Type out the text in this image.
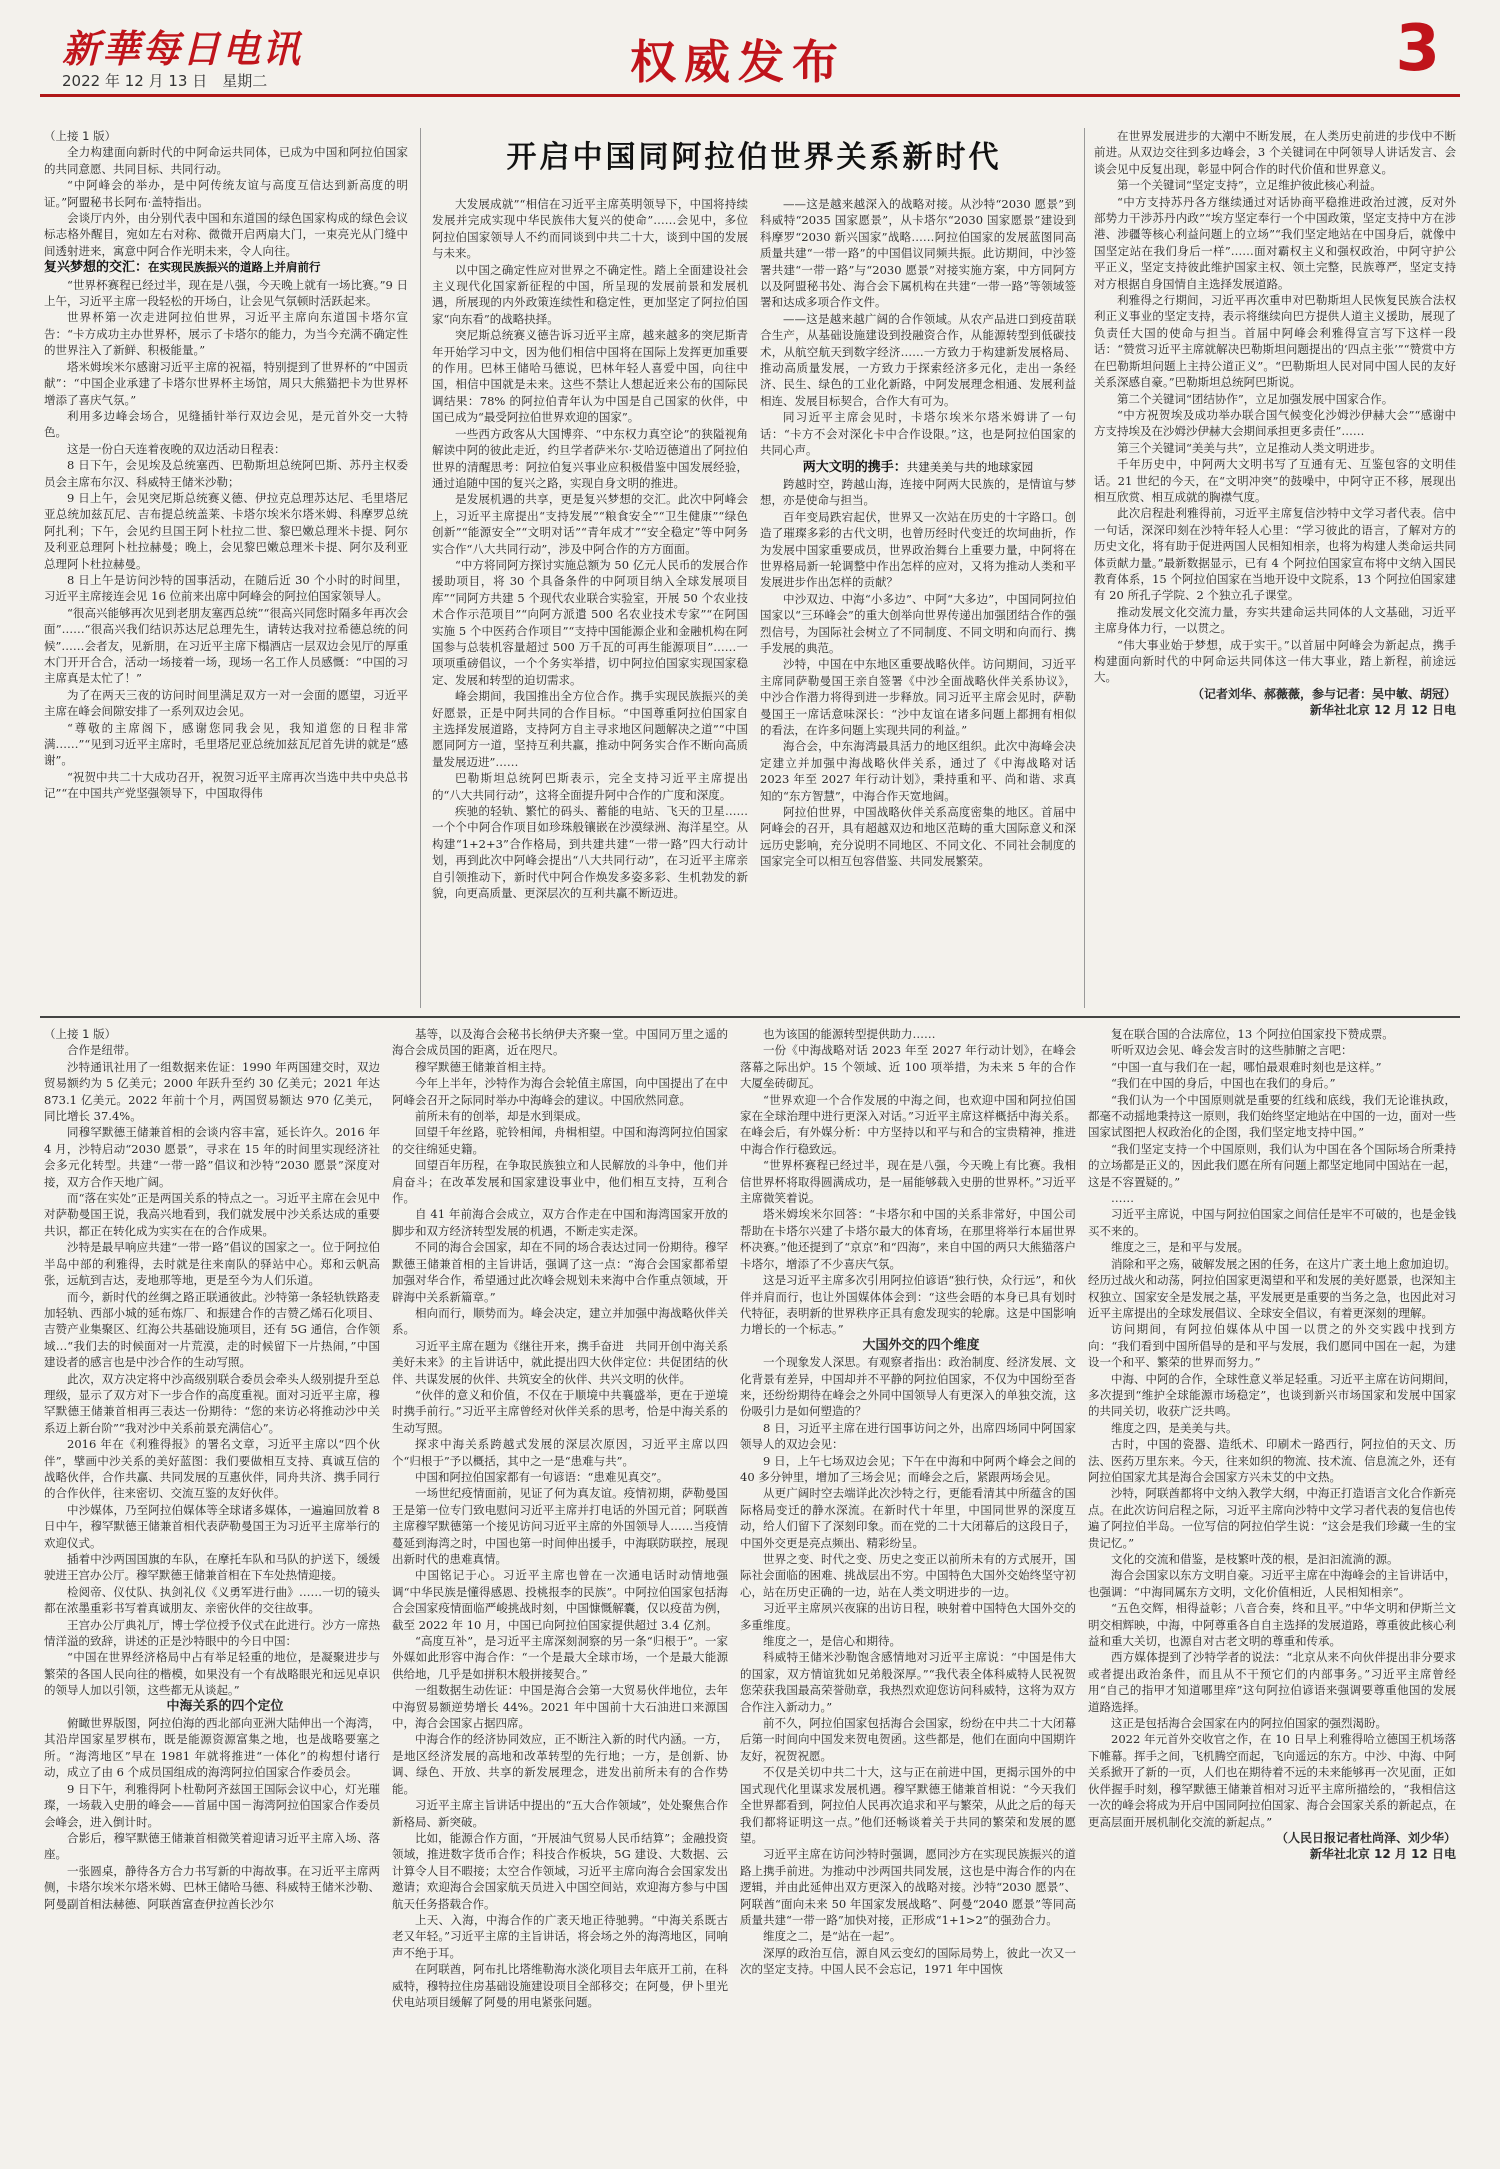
新華每日电讯
2022 年 12 月 13 日　星期二	权威发布	3
开启中国同阿拉伯世界关系新时代

（上接 1 版）

全力构建面向新时代的中阿命运共同体，已成为中国和阿拉伯国家的共同意愿、共同目标、共同行动。

“中阿峰会的举办，是中阿传统友谊与高度互信达到新高度的明证。”阿盟秘书长阿布·盖特指出。

会谈厅内外，由分别代表中国和东道国的绿色国家构成的绿色会议标志格外醒目，宛如左右对称、微微开启两扇大门，一束亮光从门缝中间透射进来，寓意中阿合作光明未来，令人向往。

复兴梦想的交汇：在实现民族振兴的道路上并肩前行

“世界杯赛程已经过半，现在是八强，今天晚上就有一场比赛。”9 日上午，习近平主席一段轻松的开场白，让会见气氛顿时活跃起来。

世界杯第一次走进阿拉伯世界，习近平主席向东道国卡塔尔宣告：“卡方成功主办世界杯，展示了卡塔尔的能力，为当今充满不确定性的世界注入了新鲜、积极能量。”

塔米姆埃米尔感谢习近平主席的祝福，特别提到了世界杯的“中国贡献”：“中国企业承建了卡塔尔世界杯主场馆，周只大熊猫把卡为世界杯增添了喜庆气氛。”

利用多边峰会场合，见缝插针举行双边会见，是元首外交一大特色。

这是一份白天连着夜晚的双边活动日程表：

8 日下午，会见埃及总统塞西、巴勒斯坦总统阿巴斯、苏丹主权委员会主席布尔汉、科威特王储米沙勒；

9 日上午，会见突尼斯总统赛义德、伊拉克总理苏达尼、毛里塔尼亚总统加兹瓦尼、吉布提总统盖莱、卡塔尔埃米尔塔米姆、科摩罗总统阿扎利；下午，会见约旦国王阿卜杜拉二世、黎巴嫩总理米卡提、阿尔及利亚总理阿卜杜拉赫曼；晚上，会见黎巴嫩总理米卡提、阿尔及利亚总理阿卜杜拉赫曼。

8 日上午是访问沙特的国事活动，在随后近 30 个小时的时间里，习近平主席接连会见 16 位前来出席中阿峰会的阿拉伯国家领导人。

“很高兴能够再次见到老朋友塞西总统”“很高兴同您时隔多年再次会面”……“很高兴我们结识苏达尼总理先生，请转达我对拉希德总统的问候”……会者友，见新朋，在习近平主席下榻酒店一层双边会见厅的厚重木门开开合合，活动一场接着一场，现场一名工作人员感慨：“中国的习主席真是太忙了！”

为了在两天三夜的访问时间里满足双方一对一会面的愿望，习近平主席在峰会间隙安排了一系列双边会见。

“尊敬的主席阁下，感谢您同我会见，我知道您的日程非常满……”“见到习近平主席时，毛里塔尼亚总统加兹瓦尼首先讲的就是“感谢”。

“祝贺中共二十大成功召开，祝贺习近平主席再次当选中共中央总书记”“在中国共产党坚强领导下，中国取得伟

大发展成就”“相信在习近平主席英明领导下，中国将持续发展并完成实现中华民族伟大复兴的使命”……会见中，多位阿拉伯国家领导人不约而同谈到中共二十大，谈到中国的发展与未来。

以中国之确定性应对世界之不确定性。踏上全面建设社会主义现代化国家新征程的中国，所呈现的发展前景和发展机遇，所展现的内外政策连续性和稳定性，更加坚定了阿拉伯国家“向东看”的战略抉择。

突尼斯总统赛义德告诉习近平主席，越来越多的突尼斯青年开始学习中文，因为他们相信中国将在国际上发挥更加重要的作用。巴林王储哈马德说，巴林年轻人喜爱中国，向往中国，相信中国就是未来。这些不禁让人想起近来公布的国际民调结果：78% 的阿拉伯青年认为中国是自己国家的伙伴，中国已成为“最受阿拉伯世界欢迎的国家”。

一些西方政客从大国博弈、“中东权力真空论”的狭隘视角解读中阿的彼此走近，约旦学者萨米尔·艾哈迈德道出了阿拉伯世界的清醒思考：阿拉伯复兴事业应积极借鉴中国发展经验，通过追随中国的复兴之路，实现自身文明的推进。

是发展机遇的共享，更是复兴梦想的交汇。此次中阿峰会上，习近平主席提出“支持发展”“粮食安全”“卫生健康”“绿色创新”“能源安全”“文明对话”“青年成才”“安全稳定”等中阿务实合作“八大共同行动”，涉及中阿合作的方方面面。

“中方将同阿方探讨实施总额为 50 亿元人民币的发展合作援助项目，将 30 个具备条件的中阿项目纳入全球发展项目库”“同阿方共建 5 个现代农业联合实验室，开展 50 个农业技术合作示范项目”“向阿方派遣 500 名农业技术专家”“在阿国实施 5 个中医药合作项目”“支持中国能源企业和金融机构在阿国参与总装机容量超过 500 万千瓦的可再生能源项目”……一项项重磅倡议，一个个务实举措，切中阿拉伯国家实现国家稳定、发展和转型的迫切需求。

峰会期间，我国推出全方位合作。携手实现民族振兴的美好愿景，正是中阿共同的合作目标。“中国尊重阿拉伯国家自主选择发展道路，支持阿方自主寻求地区问题解决之道”“中国愿同阿方一道，坚持互利共赢，推动中阿务实合作不断向高质量发展迈进”……

巴勒斯坦总统阿巴斯表示，完全支持习近平主席提出的“八大共同行动”，这将全面提升阿中合作的广度和深度。

疾驰的轻轨、繁忙的码头、蓄能的电站、飞天的卫星……一个个中阿合作项目如珍珠般镶嵌在沙漠绿洲、海洋星空。从构建“1+2+3”合作格局，到共建共建“一带一路”四大行动计划，再到此次中阿峰会提出“八大共同行动”，在习近平主席亲自引领推动下，新时代中阿合作焕发多姿多彩、生机勃发的新貌，向更高质量、更深层次的互利共赢不断迈进。

——这是越来越深入的战略对接。从沙特“2030 愿景”到科威特“2035 国家愿景”，从卡塔尔“2030 国家愿景”建设到科摩罗“2030 新兴国家”战略……阿拉伯国家的发展蓝图同高质量共建“一带一路”的中国倡议同频共振。此访期间，中沙签署共建“一带一路”与“2030 愿景”对接实施方案，中方同阿方以及阿盟秘书处、海合会下属机构在共建“一带一路”等领域签署和达成多项合作文件。

——这是越来越广阔的合作领域。从农产品进口到疫苗联合生产，从基础设施建设到投融资合作，从能源转型到低碳技术，从航空航天到数字经济……一方致力于构建新发展格局、推动高质量发展，一方致力于探索经济多元化，走出一条经济、民生、绿色的工业化新路，中阿发展理念相通、发展利益相连、发展目标契合，合作大有可为。

同习近平主席会见时，卡塔尔埃米尔塔米姆讲了一句话：“卡方不会对深化卡中合作设限。”这，也是阿拉伯国家的共同心声。

两大文明的携手：共建美美与共的地球家园

跨越时空，跨越山海，连接中阿两大民族的，是情谊与梦想，亦是使命与担当。

百年变局跌宕起伏，世界又一次站在历史的十字路口。创造了璀璨多彩的古代文明，也曾历经时代变迁的坎坷曲折，作为发展中国家重要成员，世界政治舞台上重要力量，中阿将在世界格局新一轮调整中作出怎样的应对，又将为推动人类和平发展进步作出怎样的贡献？

中沙双边、中海“小多边”、中阿“大多边”，中国同阿拉伯国家以“三环峰会”的重大创举向世界传递出加强团结合作的强烈信号，为国际社会树立了不同制度、不同文明和向而行、携手发展的典范。

沙特，中国在中东地区重要战略伙伴。访问期间，习近平主席同萨勒曼国王亲自签署《中沙全面战略伙伴关系协议》，中沙合作潜力将得到进一步释放。同习近平主席会见时，萨勒曼国王一席话意味深长：“沙中友谊在诸多问题上都拥有相似的看法，在许多问题上实现共同的利益。”

海合会，中东海湾最具活力的地区组织。此次中海峰会决定建立并加强中海战略伙伴关系，通过了《中海战略对话 2023 年至 2027 年行动计划》，秉持重和平、尚和谐、求真知的“东方智慧”，中海合作天宽地阔。

阿拉伯世界，中国战略伙伴关系高度密集的地区。首届中阿峰会的召开，具有超越双边和地区范畴的重大国际意义和深远历史影响，充分说明不同地区、不同文化、不同社会制度的国家完全可以相互包容借鉴、共同发展繁荣。

在世界发展进步的大潮中不断发展，在人类历史前进的步伐中不断前进。从双边交往到多边峰会，3 个关键词在中阿领导人讲话发言、会谈会见中反复出现，彰显中阿合作的时代价值和世界意义。

第一个关键词“坚定支持”，立足维护彼此核心利益。

“中方支持苏丹各方继续通过对话协商平稳推进政治过渡，反对外部势力干涉苏丹内政”“埃方坚定奉行一个中国政策，坚定支持中方在涉港、涉疆等核心利益问题上的立场”“我们坚定地站在中国身后，就像中国坚定站在我们身后一样”……面对霸权主义和强权政治，中阿守护公平正义，坚定支持彼此维护国家主权、领土完整，民族尊严，坚定支持对方根据自身国情自主选择发展道路。

利雅得之行期间，习近平再次重申对巴勒斯坦人民恢复民族合法权利正义事业的坚定支持，表示将继续向巴方提供人道主义援助，展现了负责任大国的使命与担当。首届中阿峰会利雅得宣言写下这样一段话：“赞赏习近平主席就解决巴勒斯坦问题提出的‘四点主张’”“赞赏中方在巴勒斯坦问题上主持公道正义”。“巴勒斯坦人民对同中国人民的友好关系深感自豪。”巴勒斯坦总统阿巴斯说。

第二个关键词“团结协作”，立足加强发展中国家合作。

“中方祝贺埃及成功举办联合国气候变化沙姆沙伊赫大会”“感谢中方支持埃及在沙姆沙伊赫大会期间承担更多责任”……

第三个关键词“美美与共”，立足推动人类文明进步。

千年历史中，中阿两大文明书写了互通有无、互鉴包容的文明佳话。21 世纪的今天，在“文明冲突”的鼓噪中，中阿守正不移，展现出相互欣赏、相互成就的胸襟气度。

此次启程赴利雅得前，习近平主席复信沙特中文学习者代表。信中一句话，深深印刻在沙特年轻人心里：“学习彼此的语言，了解对方的历史文化，将有助于促进两国人民相知相亲，也将为构建人类命运共同体贡献力量。”最新数据显示，已有 4 个阿拉伯国家宣布将中文纳入国民教育体系，15 个阿拉伯国家在当地开设中文院系，13 个阿拉伯国家建有 20 所孔子学院、2 个独立孔子课堂。

推动发展文化交流力量，夯实共建命运共同体的人文基础，习近平主席身体力行，一以贯之。

“伟大事业始于梦想，成于实干。”以首届中阿峰会为新起点，携手构建面向新时代的中阿命运共同体这一伟大事业，踏上新程，前途远大。

（记者刘华、郝薇薇，参与记者：吴中敏、胡冠）

新华社北京 12 月 12 日电

（上接 1 版）

合作是纽带。

沙特通讯社用了一组数据来佐证：1990 年两国建交时，双边贸易额约为 5 亿美元；2000 年跃升至约 30 亿美元；2021 年达 873.1 亿美元。2022 年前十个月，两国贸易额达 970 亿美元，同比增长 37.4%。

同穆罕默德王储兼首相的会谈内容丰富，延长许久。2016 年 4 月，沙特启动“2030 愿景”，寻求在 15 年的时间里实现经济社会多元化转型。共建“一带一路”倡议和沙特“2030 愿景”深度对接，双方合作天地广阔。

而“落在实处”正是两国关系的特点之一。习近平主席在会见中对萨勒曼国王说，我高兴地看到，我们就发展中沙关系达成的重要共识，都正在转化成为实实在在的合作成果。

沙特是最早响应共建“一带一路”倡议的国家之一。位于阿拉伯半岛中部的利雅得，去时就是往来南队的驿站中心。郑和云帆高张，远航到吉达，麦地那等地，更是至今为人们乐道。

而今，新时代的丝绸之路正联通彼此。沙特第一条轻轨铁路麦加轻轨、西部小城的延布炼厂、和振建合作的吉赞乙烯石化项目、吉赞产业集聚区、红海公共基础设施项目，还有 5G 通信，合作领域…“我们去的时候面对一片荒漠，走的时候留下一片热闹，”中国建设者的感言也是中沙合作的生动写照。

此次，双方决定将中沙高级别联合委员会牵头人级别提升至总理级，显示了双方对下一步合作的高度重视。面对习近平主席，穆罕默德王储兼首相再三表达一份期待：“您的来访必将推动沙中关系迈上新台阶”“我对沙中关系前景充满信心”。

2016 年在《利雅得报》的署名文章，习近平主席以“四个伙伴”，擘画中沙关系的美好蓝图：我们要做相互支持、真诚互信的战略伙伴，合作共赢、共同发展的互惠伙伴，同舟共济、携手同行的合作伙伴，往来密切、交流互鉴的友好伙伴。

中沙媒体，乃至阿拉伯媒体等全球诸多媒体，一遍遍回放着 8 日中午，穆罕默德王储兼首相代表萨勒曼国王为习近平主席举行的欢迎仪式。

插着中沙两国国旗的车队，在摩托车队和马队的护送下，缓缓驶进王宫办公厅。穆罕默德王储兼首相在下车处热情迎接。

检阅帝、仪仗队、执剑礼仪《义勇军进行曲》……一切的镜头都在浓墨重彩书写着真诚朋友、亲密伙伴的交往故事。

王宫办公厅典礼厅，博士学位授予仪式在此进行。沙方一席热情洋溢的致辞，讲述的正是沙特眼中的今日中国：

“中国在世界经济格局中占有举足轻重的地位，是凝聚进步与繁荣的各国人民向往的楷模，如果没有一个有战略眼光和远见卓识的领导人加以引领，这些都无从谈起。”

中海关系的四个定位

俯瞰世界版图，阿拉伯海的西北部向亚洲大陆伸出一个海湾，其沿岸国家星罗棋布，既是能源资源富集之地，也是战略要塞之所。“海湾地区”早在 1981 年就将推进“一体化”的构想付诸行动，成立了由 6 个成员国组成的海湾阿拉伯国家合作委员会。

9 日下午，利雅得阿卜杜勒阿齐兹国王国际会议中心，灯光璀璨，一场载入史册的峰会——首届中国－海湾阿拉伯国家合作委员会峰会，进入倒计时。

合影后，穆罕默德王储兼首相微笑着迎请习近平主席入场、落座。

一张圆桌，静待各方合力书写新的中海故事。在习近平主席两侧，卡塔尔埃米尔塔米姆、巴林王储哈马德、科威特王储米沙勒、阿曼副首相法赫德、阿联酋富查伊拉酋长沙尔

基等，以及海合会秘书长纳伊夫齐聚一堂。中国同万里之遥的海合会成员国的距离，近在咫尺。

穆罕默德王储兼首相主持。

今年上半年，沙特作为海合会轮值主席国，向中国提出了在中阿峰会召开之际同时举办中海峰会的建议。中国欣然同意。

前所未有的创举，却是水到渠成。

回望千年丝路，驼铃相闻，舟楫相望。中国和海湾阿拉伯国家的交往绵延史籍。

回望百年历程，在争取民族独立和人民解放的斗争中，他们并肩奋斗；在改革发展和国家建设事业中，他们相互支持，互利合作。

自 41 年前海合会成立，双方合作走在中国和海湾国家开放的脚步和双方经济转型发展的机遇，不断走实走深。

不同的海合会国家，却在不同的场合表达过同一份期待。穆罕默德王储兼首相的主旨讲话，强调了这一点：“海合会国家都希望加强对华合作，希望通过此次峰会规划未来海中合作重点领域，开辟海中关系新篇章。”

相向而行，顺势而为。峰会决定，建立并加强中海战略伙伴关系。

习近平主席在题为《继往开来，携手奋进　共同开创中海关系美好未来》的主旨讲话中，就此提出四大伙伴定位：共促团结的伙伴、共谋发展的伙伴、共筑安全的伙伴、共兴文明的伙伴。

“伙伴的意义和价值，不仅在于顺境中共襄盛举，更在于逆境时携手前行。”习近平主席曾经对伙伴关系的思考，恰是中海关系的生动写照。

探求中海关系跨越式发展的深层次原因，习近平主席以四个“归根于”予以概括，其中之一是“患难与共”。

中国和阿拉伯国家都有一句谚语：“患难见真交”。

一场世纪疫情面前，见证了何为真友谊。疫情初期，萨勒曼国王是第一位专门致电慰问习近平主席并打电话的外国元首；阿联酋主席穆罕默德第一个接见访问习近平主席的外国领导人……当疫情蔓延到海湾之时，中国也第一时间伸出援手，中海联防联控，展现出新时代的患难真情。

中国铭记于心。习近平主席也曾在一次通电话时动情地强调“中华民族是懂得感恩、投桃报李的民族”。中阿拉伯国家包括海合会国家疫情面临严峻挑战时刻，中国慷慨解囊，仅以疫苗为例，截至 2022 年 10 月，中国已向阿拉伯国家提供超过 3.4 亿剂。

“高度互补”，是习近平主席深刻洞察的另一条“归根于”。一家外媒如此形容中海合作：“一个是最大全球市场，一个是最大能源供给地，几乎是如拼积木般拼接契合。”

一组数据生动佐证：中国是海合会第一大贸易伙伴地位，去年中海贸易额逆势增长 44%。2021 年中国前十大石油进口来源国中，海合会国家占据四席。

中海合作的经济协同效应，正不断注入新的时代内涵。一方，是地区经济发展的高地和改革转型的先行地；一方，是创新、协调、绿色、开放、共享的新发展理念，进发出前所未有的合作势能。

习近平主席主旨讲话中提出的“五大合作领域”，处处聚焦合作新格局、新突破。

比如，能源合作方面，“开展油气贸易人民币结算”；金融投资领域，推进数字货币合作；科技合作板块，5G 建设、大数据、云计算令人目不暇接；太空合作领域，习近平主席向海合会国家发出邀请；欢迎海合会国家航天员进入中国空间站，欢迎海方参与中国航天任务搭载合作。

上天、入海，中海合作的广袤天地正待驰骋。“中海关系既古老又年轻。”习近平主席的主旨讲话，将会场之外的海湾地区，同响声不绝于耳。

在阿联酋，阿布扎比塔维勒海水淡化项目去年底开工前，在科威特，穆特拉住房基础设施建设项目全部移交；在阿曼，伊卜里光伏电站项目缓解了阿曼的用电紧张问题。

也为该国的能源转型提供助力……

一份《中海战略对话 2023 年至 2027 年行动计划》，在峰会落幕之际出炉。15 个领域、近 100 项举措，为未来 5 年的合作大厦垒砖砌瓦。

“世界欢迎一个合作发展的中海之间，也欢迎中国和阿拉伯国家在全球治理中进行更深入对话。”习近平主席这样概括中海关系。在峰会后，有外媒分析：中方坚持以和平与和合的宝贵精神，推进中海合作行稳致远。

“世界杯赛程已经过半，现在是八强，今天晚上有比赛。我相信世界杯将取得圆满成功，是一届能够载入史册的世界杯。”习近平主席微笑着说。

塔米姆埃米尔回答：“卡塔尔和中国的关系非常好，中国公司帮助在卡塔尔兴建了卡塔尔最大的体育场，在那里将举行本届世界杯决赛。”他还提到了“京京”和“四海”，来自中国的两只大熊猫落户卡塔尔，增添了不少喜庆气氛。

这是习近平主席多次引用阿拉伯谚语“独行快，众行远”，和伙伴并肩而行，也让外国媒体体会到：“这些会晤的本身已具有划时代特征，表明新的世界秩序正具有愈发现实的轮廓。这是中国影响力增长的一个标志。”

大国外交的四个维度

一个现象发人深思。有观察者指出：政治制度、经济发展、文化背景有差异，中国却并不平静的阿拉伯国家，不仅为中国纷至沓来，还纷纷期待在峰会之外同中国领导人有更深入的单独交流，这份吸引力是如何塑造的？

8 日，习近平主席在进行国事访问之外，出席四场同中阿国家领导人的双边会见：

9 日，上午七场双边会见；下午在中海和中阿两个峰会之间的 40 多分钟里，增加了三场会见；而峰会之后，紧跟两场会见。

从更广阔时空去端详此次沙特之行，更能看清其中所蕴含的国际格局变迁的静水深流。在新时代十年里，中国同世界的深度互动，给人们留下了深刻印象。而在党的二十大闭幕后的这段日子，中国外交更是亮点频出、精彩纷呈。

世界之变、时代之变、历史之变正以前所未有的方式展开，国际社会面临的困难、挑战层出不穷。中国特色大国外交始终坚守初心，站在历史正确的一边，站在人类文明进步的一边。

习近平主席夙兴夜寐的出访日程，映射着中国特色大国外交的多重维度。

维度之一，是信心和期待。

科威特王储米沙勒饱含感情地对习近平主席说：“中国是伟大的国家，双方情谊犹如兄弟般深厚。”“我代表全体科威特人民祝贺您荣获我国最高荣誉勋章，我热烈欢迎您访问科威特，这将为双方合作注入新动力。”

前不久，阿拉伯国家包括海合会国家，纷纷在中共二十大闭幕后第一时间向中国发来贺电贺函。这些都是，他们在面向中国期许友好，祝贺祝愿。

不仅是关切中共二十大，这与正在前进中国，更揭示国外的中国式现代化里谋求发展机遇。穆罕默德王储兼首相说：“今天我们全世界都看到，阿拉伯人民再次追求和平与繁荣，从此之后的每天我们都将证明这一点。”他们还畅谈着关于共同的繁荣和发展的愿望。

习近平主席在访问沙特时强调，愿同沙方在实现民族振兴的道路上携手前进。为推动中沙两国共同发展，这也是中海合作的内在逻辑，并由此延伸出双方更深入的战略对接。沙特“2030 愿景”、阿联酋“面向未来 50 年国家发展战略”、阿曼“2040 愿景”等同高质量共建“一带一路”加快对接，正形成“1+1>2”的强劲合力。

维度之二，是“站在一起”。

深厚的政治互信，源自风云变幻的国际局势上，彼此一次又一次的坚定支持。中国人民不会忘记，1971 年中国恢

复在联合国的合法席位，13 个阿拉伯国家投下赞成票。

听听双边会见、峰会发言时的这些肺腑之言吧：

“中国一直与我们在一起，哪怕最艰难时刻也是这样。”

“我们在中国的身后，中国也在我们的身后。”

“我们认为一个中国原则就是重要的红线和底线，我们无论谁执政，都毫不动摇地秉持这一原则，我们始终坚定地站在中国的一边，面对一些国家试图把人权政治化的企图，我们坚定地支持中国。”

“我们坚定支持一个中国原则，我们认为中国在各个国际场合所秉持的立场都是正义的，因此我们愿在所有问题上都坚定地同中国站在一起，这是不容置疑的。”

……

习近平主席说，中国与阿拉伯国家之间信任是牢不可破的，也是金钱买不来的。

维度之三，是和平与发展。

消除和平之殇，破解发展之困的任务，在这片广袤土地上愈加迫切。经历过战火和动荡，阿拉伯国家更渴望和平和发展的美好愿景，也深知主权独立、国家安全是发展之基，平发展更是重要的当务之急，也因此对习近平主席提出的全球发展倡议、全球安全倡议，有着更深刻的理解。

访问期间，有阿拉伯媒体从中国一以贯之的外交实践中找到方向：“我们看到中国所倡导的是和平与发展，我们愿同中国在一起，为建设一个和平、繁荣的世界而努力。”

中海、中阿的合作，全球性意义举足轻重。习近平主席在访问期间，多次提到“维护全球能源市场稳定”，也谈到新兴市场国家和发展中国家的共同关切，收获广泛共鸣。

维度之四，是美美与共。

古时，中国的瓷器、造纸术、印刷术一路西行，阿拉伯的天文、历法、医药万里东来。今天，往来如织的物流、技术流、信息流之外，还有阿拉伯国家尤其是海合会国家方兴未艾的中文热。

沙特，阿联酋都将中文纳入教学大纲，中海正打造语言文化合作新亮点。在此次访问启程之际，习近平主席向沙特中文学习者代表的复信也传遍了阿拉伯半岛。一位写信的阿拉伯学生说：“这会是我们珍藏一生的宝贵记忆。”

文化的交流和借鉴，是枝繁叶茂的根，是汩汩流淌的源。

海合会国家以东方文明自豪。习近平主席在中海峰会的主旨讲话中，也强调：“中海同属东方文明，文化价值相近，人民相知相亲”。

“五色交辉，相得益彰；八音合奏，终和且平。”中华文明和伊斯兰文明交相辉映，中海，中阿尊重各自自主选择的发展道路，尊重彼此核心利益和重大关切，也源自对古老文明的尊重和传承。

西方媒体提到了沙特学者的说法：“北京从来不向伙伴提出非分要求或者提出政治条件，而且从不干预它们的内部事务。”习近平主席曾经用“自己的指甲才知道哪里痒”这句阿拉伯谚语来强调要尊重他国的发展道路选择。

这正是包括海合会国家在内的阿拉伯国家的强烈渴盼。

2022 年元首外交收官之作，在 10 日早上利雅得哈立德国王机场落下帷幕。挥手之间，飞机腾空而起，飞向遥远的东方。中沙、中海、中阿关系掀开了新的一页，人们也在期待着不远的未来能够再一次见面，正如伙伴握手时刻，穆罕默德王储兼首相对习近平主席所描绘的，“我相信这一次的峰会将成为开启中国同阿拉伯国家、海合会国家关系的新起点，在更高层面开展机制化交流的新起点。”

（人民日报记者杜尚泽、刘少华）

新华社北京 12 月 12 日电
